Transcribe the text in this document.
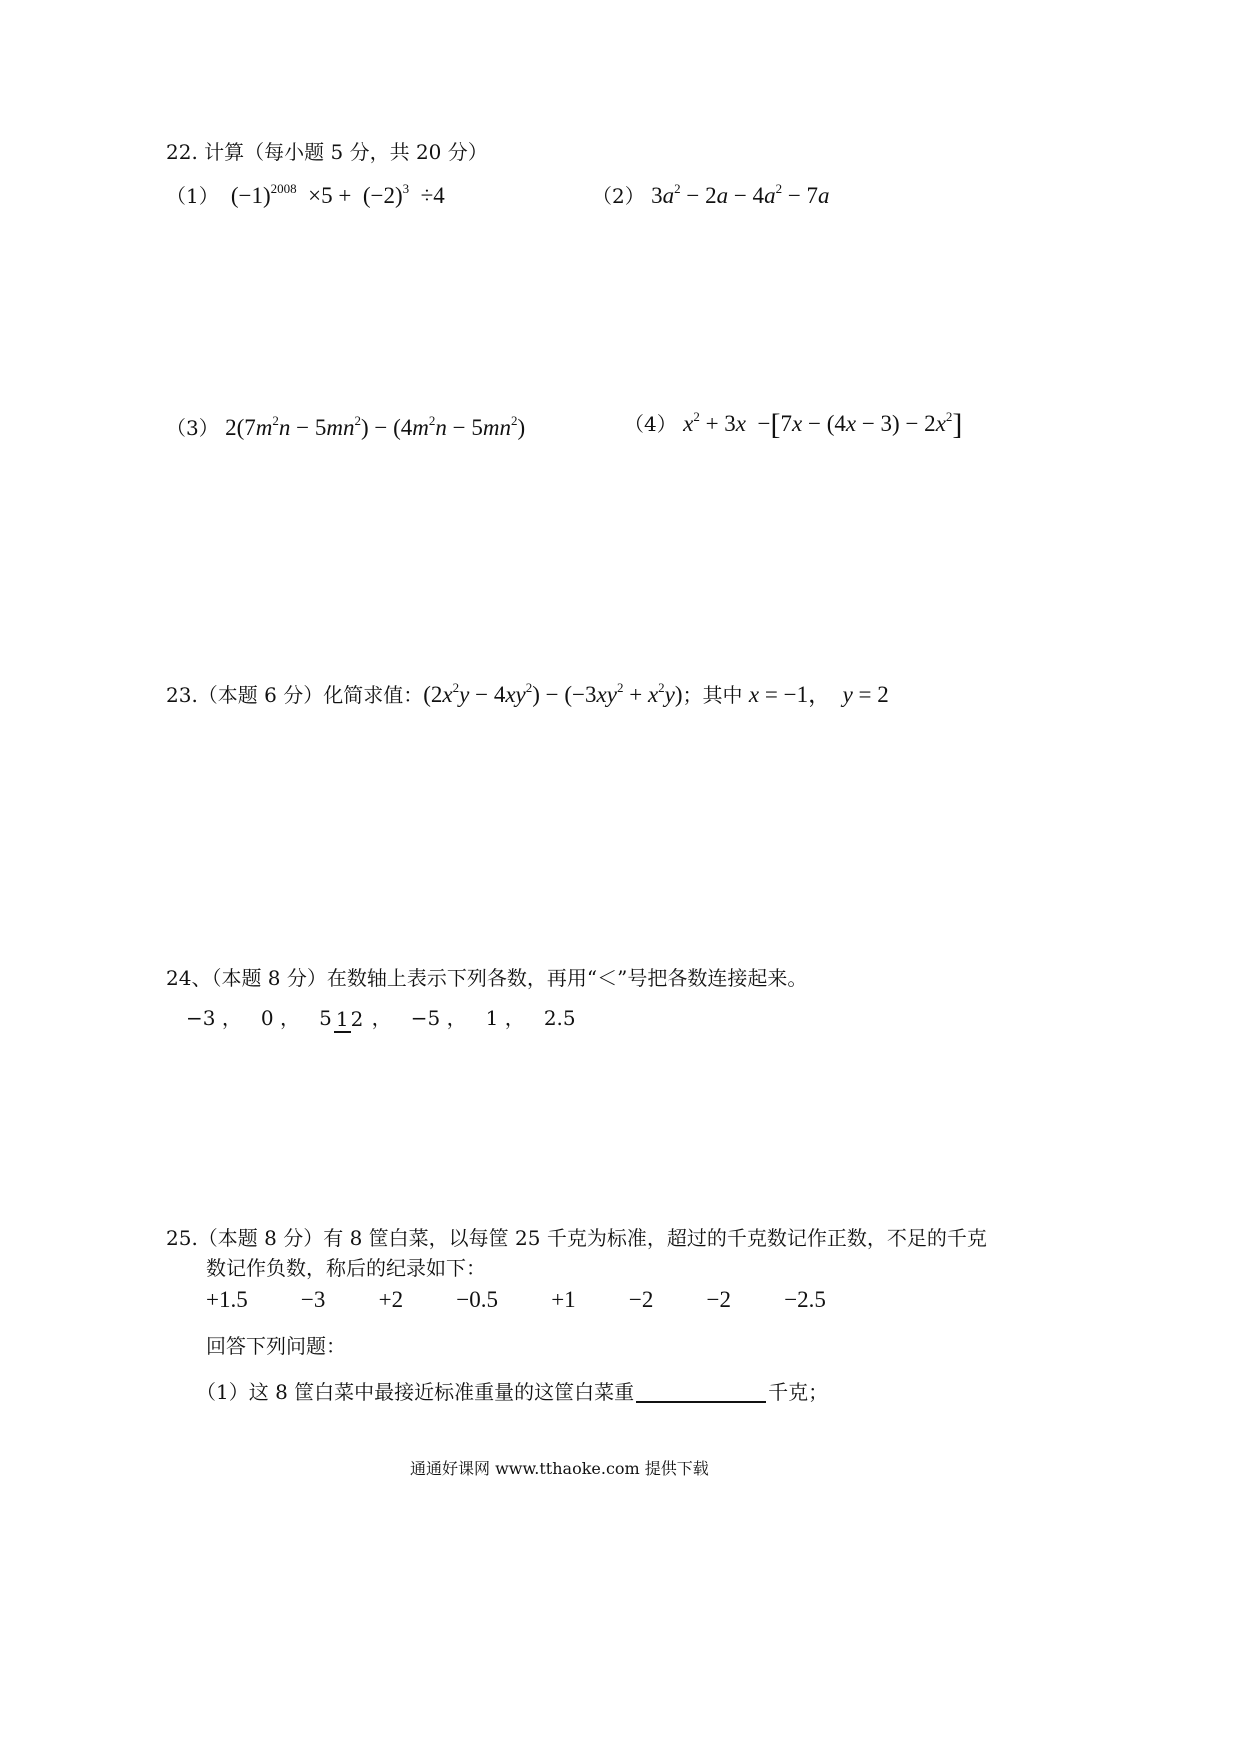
22. 计算（每小题 5 分，共 20 分）
（1）  $(-1)^{2008} \times 5 + (-2)^3 \div 4$	（2） $3a^2 - 2a - 4a^2 - 7a$
（3） $2(7m^2n - 5mn^2) - (4m^2n - 5mn^2)$	（4） $x^2 + 3x -[7x - (4x - 3) - 2x^2]$
23.（本题 6 分）化简求值：$(2x^2y - 4xy^2) - (-3xy^2 + x^2y)$；其中 x = −1，  y = 2
24、（本题 8 分）在数轴上表示下列各数，再用“＜”号把各数连接起来。
−3 ，   0 ，   5 1 2 ，   −5 ，   1 ，   2.5
25.（本题 8 分）有 8 筐白菜，以每筐 25 千克为标准，超过的千克数记作正数，不足的千克
数记作负数，称后的纪录如下：
+1.5 −3 +2 −0.5 +1 −2 −2 −2.5
回答下列问题：
（1）这 8 筐白菜中最接近标准重量的这筐白菜重	千克；
通通好课网 www.tthaoke.com 提供下载
